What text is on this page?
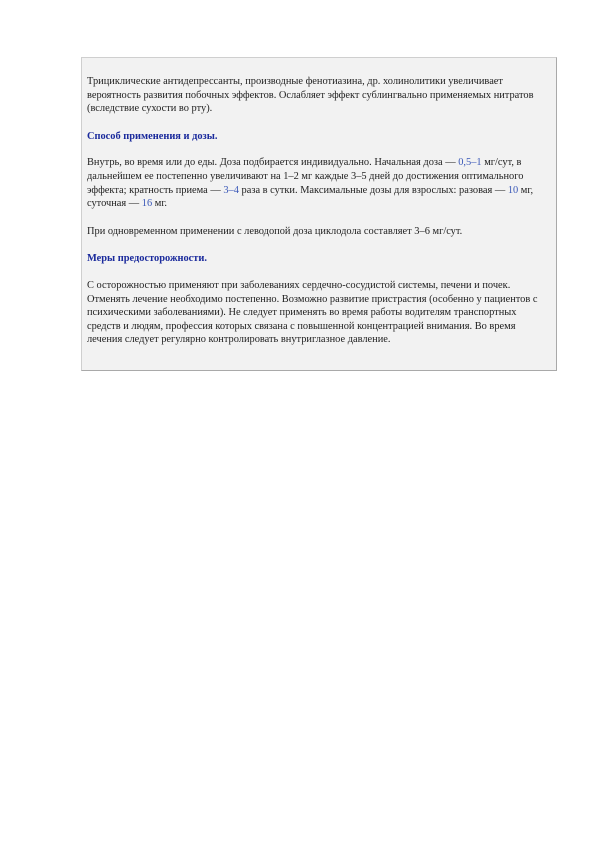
Трициклические антидепрессанты, производные фенотиазина, др. холинолитики увеличивает вероятность развития побочных эффектов. Ослабляет эффект сублингвально применяемых нитратов (вследствие сухости во рту).

Способ применения и дозы.

Внутрь, во время или до еды. Доза подбирается индивидуально. Начальная доза — 0,5–1 мг/сут, в дальнейшем ее постепенно увеличивают на 1–2 мг каждые 3–5 дней до достижения оптимального эффекта; кратность приема — 3–4 раза в сутки. Максимальные дозы для взрослых: разовая — 10 мг, суточная — 16 мг.

При одновременном применении с леводопой доза циклодола составляет 3–6 мг/сут.

Меры предосторожности.

С осторожностью применяют при заболеваниях сердечно-сосудистой системы, печени и почек. Отменять лечение необходимо постепенно. Возможно развитие пристрастия (особенно у пациентов с психическими заболеваниями). Не следует применять во время работы водителям транспортных средств и людям, профессия которых связана с повышенной концентрацией внимания. Во время лечения следует регулярно контролировать внутриглазное давление.
